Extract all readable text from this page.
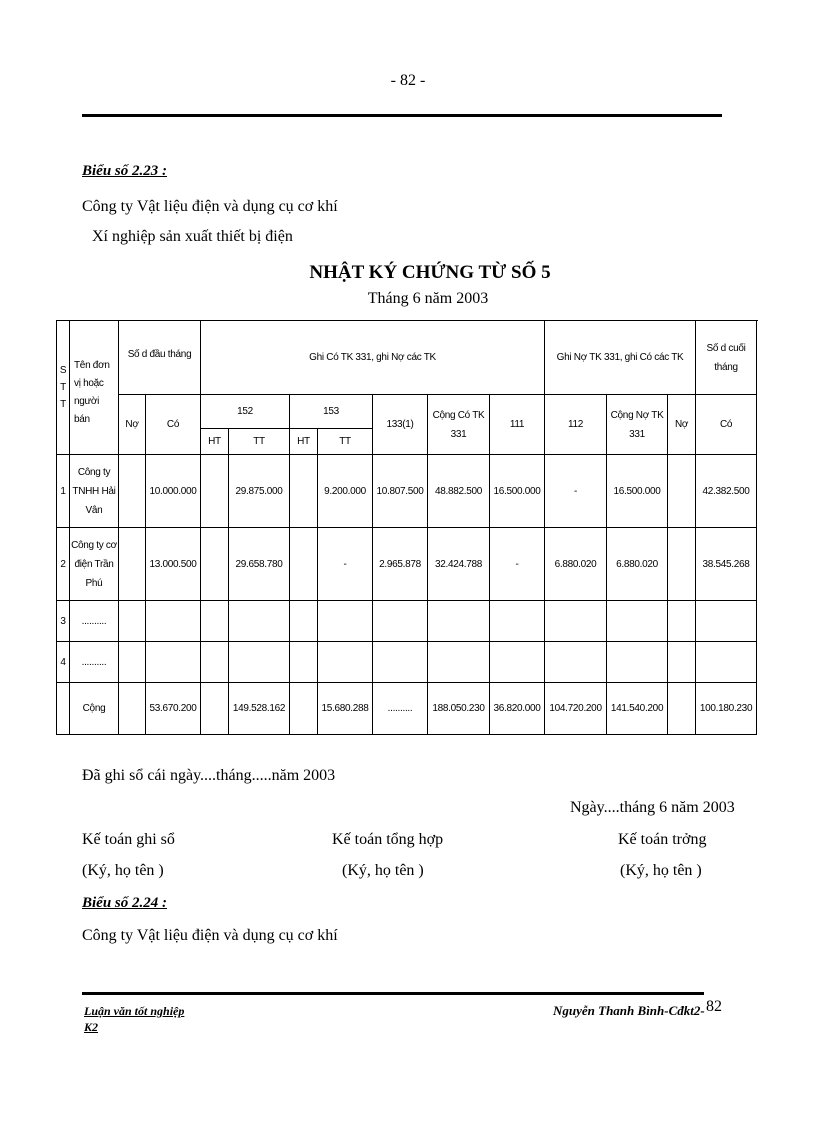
- 82 -
Biểu số 2.23 :
Công ty Vật liệu điện và dụng cụ cơ khí
Xí nghiệp sản xuất thiết bị điện
NHẬT KÝ CHỨNG TỪ SỐ 5
Tháng 6 năm 2003
S T T	Tên đơn vị hoặc người bán	Số d đầu tháng		Ghi Có TK 331, ghi Nợ các TK							Ghi Nợ TK 331, ghi Có các TK			Số d cuối tháng
		Nợ	Có	152		153		133(1)	Cộng Có TK 331	111	112	Cộng Nợ TK 331	Nợ	Có
				HT	TT	HT	TT							
1	Công ty TNHH Hải Vân		10.000.000		29.875.000		9.200.000	10.807.500	48.882.500	16.500.000	-	16.500.000		42.382.500
2	Công ty cơ điện Trần Phú		13.000.500		29.658.780		-	2.965.878	32.424.788	-	6.880.020	6.880.020		38.545.268
3	..........													
4	..........													
	Cộng		53.670.200		149.528.162		15.680.288	..........	188.050.230	36.820.000	104.720.200	141.540.200		100.180.230
Đã ghi sổ cái ngày....tháng.....năm 2003
Ngày....tháng 6 năm 2003
Kế toán ghi sổ	Kế toán tổng hợp	Kế toán trởng
(Ký, họ tên )	(Ký, họ tên )	(Ký, họ tên )
Biểu số 2.24 :
Công ty Vật liệu điện và dụng cụ cơ khí
Luận văn tốt nghiệp
K2
Nguyễn Thanh Bình-Cđkt2- 82
